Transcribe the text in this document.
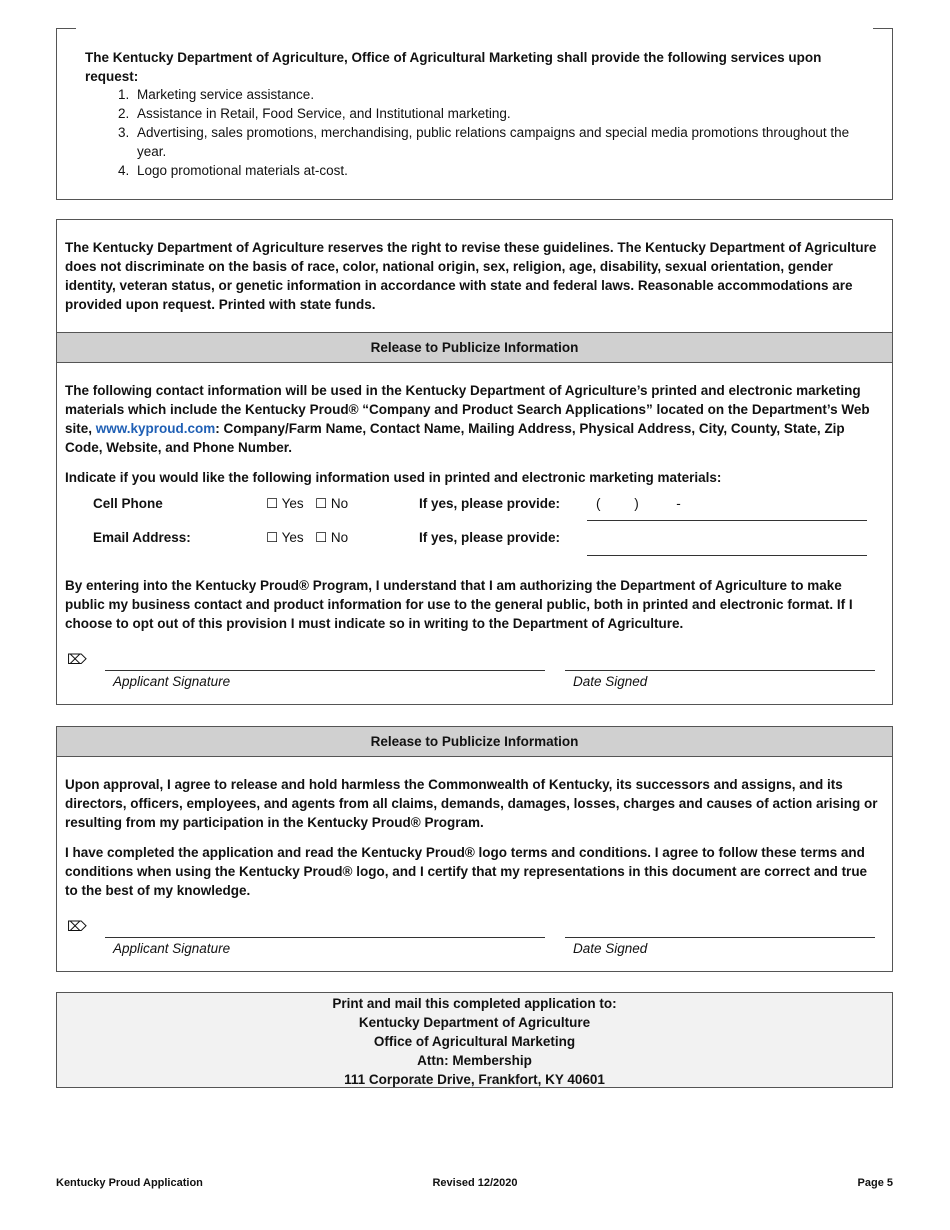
The Kentucky Department of Agriculture, Office of Agricultural Marketing shall provide the following services upon request:
1. Marketing service assistance.
2. Assistance in Retail, Food Service, and Institutional marketing.
3. Advertising, sales promotions, merchandising, public relations campaigns and special media promotions throughout the year.
4. Logo promotional materials at-cost.
The Kentucky Department of Agriculture reserves the right to revise these guidelines. The Kentucky Department of Agriculture does not discriminate on the basis of race, color, national origin, sex, religion, age, disability, sexual orientation, gender identity, veteran status, or genetic information in accordance with state and federal laws. Reasonable accommodations are provided upon request. Printed with state funds.
Release to Publicize Information
The following contact information will be used in the Kentucky Department of Agriculture’s printed and electronic marketing materials which include the Kentucky Proud® “Company and Product Search Applications” located on the Department’s Web site, www.kyproud.com: Company/Farm Name, Contact Name, Mailing Address, Physical Address, City, County, State, Zip Code, Website, and Phone Number.
Indicate if you would like the following information used in printed and electronic marketing materials:
Cell Phone	☐ Yes ☐ No	If yes, please provide:	(         )          -
Email Address:	☐ Yes ☐ No	If yes, please provide:
By entering into the Kentucky Proud® Program, I understand that I am authorizing the Department of Agriculture to make public my business contact and product information for use to the general public, both in printed and electronic format. If I choose to opt out of this provision I must indicate so in writing to the Department of Agriculture.
⌦
Applicant Signature	Date Signed
Release to Publicize Information
Upon approval, I agree to release and hold harmless the Commonwealth of Kentucky, its successors and assigns, and its directors, officers, employees, and agents from all claims, demands, damages, losses, charges and causes of action arising or resulting from my participation in the Kentucky Proud® Program.
I have completed the application and read the Kentucky Proud® logo terms and conditions. I agree to follow these terms and conditions when using the Kentucky Proud® logo, and I certify that my representations in this document are correct and true to the best of my knowledge.
⌦
Applicant Signature	Date Signed
Print and mail this completed application to:
Kentucky Department of Agriculture
Office of Agricultural Marketing
Attn: Membership
111 Corporate Drive, Frankfort, KY 40601
Kentucky Proud Application	Revised 12/2020	Page 5
